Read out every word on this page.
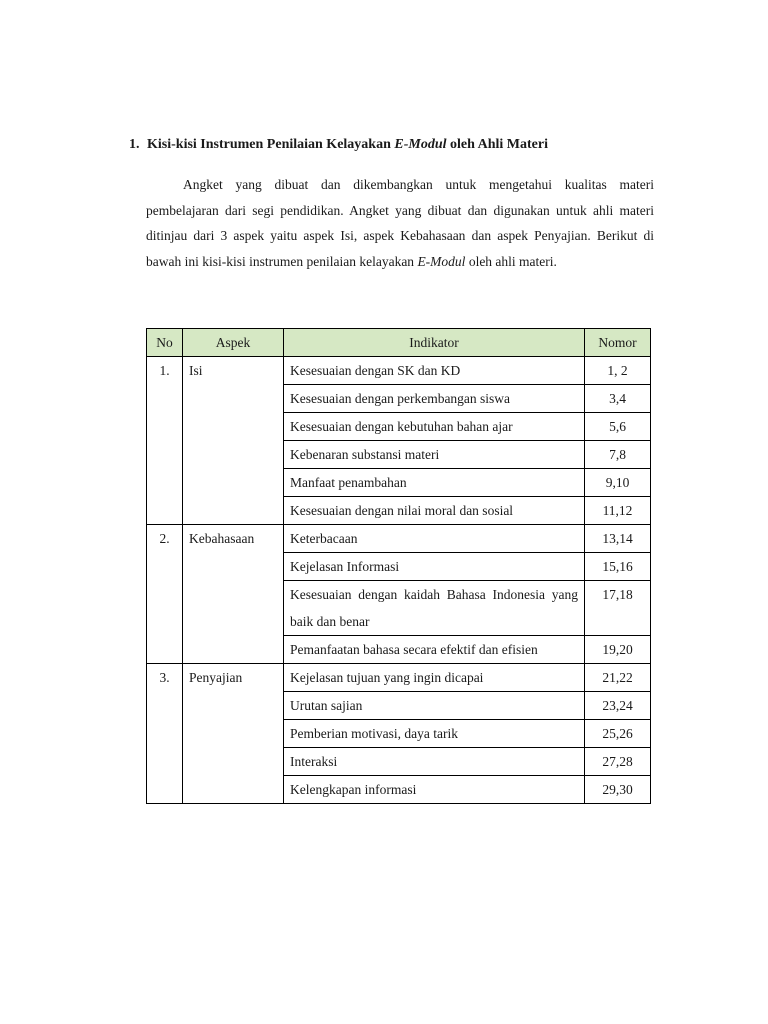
1. Kisi-kisi Instrumen Penilaian Kelayakan E-Modul oleh Ahli Materi
Angket yang dibuat dan dikembangkan untuk mengetahui kualitas materi pembelajaran dari segi pendidikan. Angket yang dibuat dan digunakan untuk ahli materi ditinjau dari 3 aspek yaitu aspek Isi, aspek Kebahasaan dan aspek Penyajian. Berikut di bawah ini kisi-kisi instrumen penilaian kelayakan E-Modul oleh ahli materi.
No	Aspek	Indikator	Nomor
1.	Isi	Kesesuaian dengan SK dan KD	1, 2
		Kesesuaian dengan perkembangan siswa	3,4
		Kesesuaian dengan kebutuhan bahan ajar	5,6
		Kebenaran substansi materi	7,8
		Manfaat penambahan	9,10
		Kesesuaian dengan nilai moral dan sosial	11,12
2.	Kebahasaan	Keterbacaan	13,14
		Kejelasan Informasi	15,16
		Kesesuaian dengan kaidah Bahasa Indonesia yang baik dan benar	17,18
		Pemanfaatan bahasa secara efektif dan efisien	19,20
3.	Penyajian	Kejelasan tujuan yang ingin dicapai	21,22
		Urutan sajian	23,24
		Pemberian motivasi, daya tarik	25,26
		Interaksi	27,28
		Kelengkapan informasi	29,30
